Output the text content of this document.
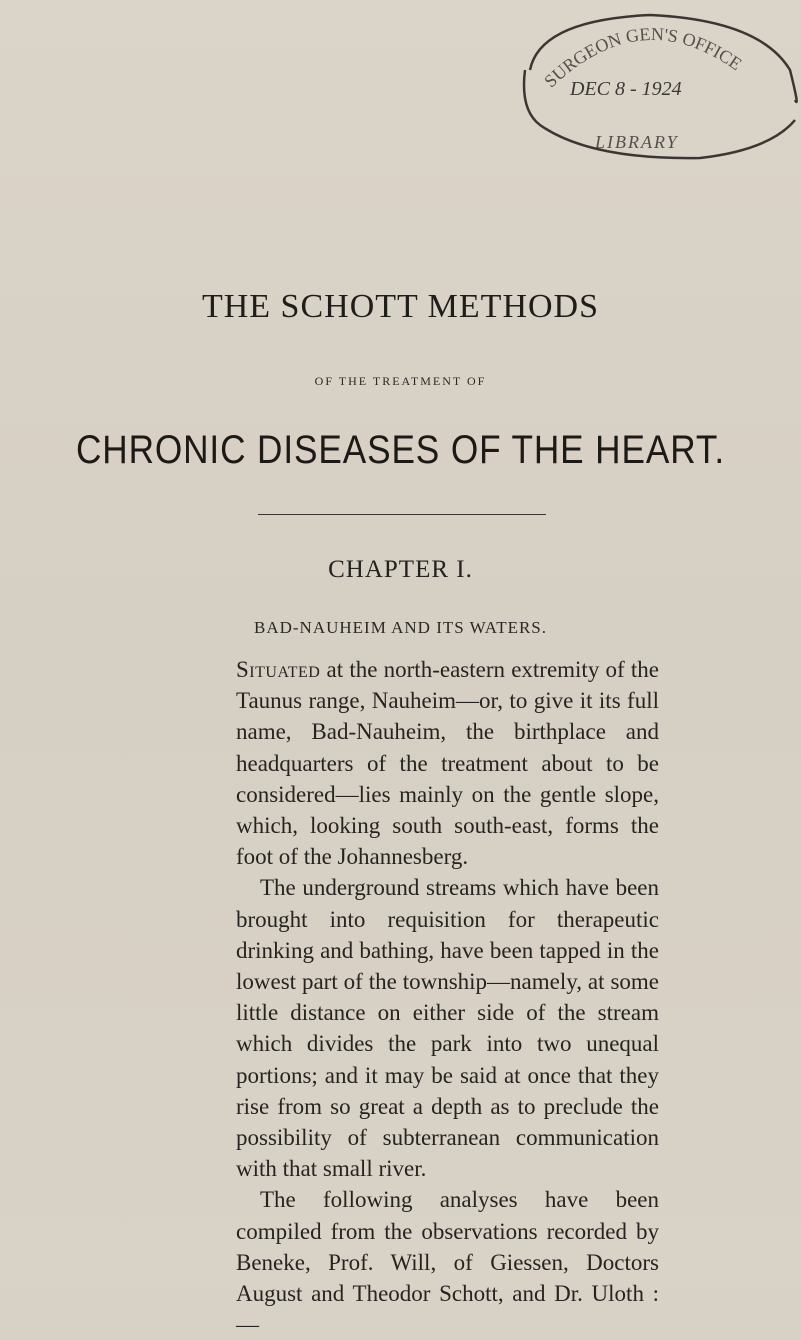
SURGEON GEN'S OFFICE
DEC 8 - 1924
LIBRARY
THE SCHOTT METHODS
OF THE TREATMENT OF
CHRONIC DISEASES OF THE HEART.
CHAPTER I.
BAD-NAUHEIM AND ITS WATERS.

Situated at the north-eastern extremity of the Taunus range, Nauheim—or, to give it its full name, Bad-Nauheim, the birthplace and headquarters of the treatment about to be considered—lies mainly on the gentle slope, which, looking south south-east, forms the foot of the Johannesberg.

The underground streams which have been brought into requisition for therapeutic drinking and bathing, have been tapped in the lowest part of the township—namely, at some little distance on either side of the stream which divides the park into two unequal portions; and it may be said at once that they rise from so great a depth as to preclude the possibility of subterranean communication with that small river.

The following analyses have been compiled from the observations recorded by Beneke, Prof. Will, of Giessen, Doctors August and Theodor Schott, and Dr. Uloth :—
